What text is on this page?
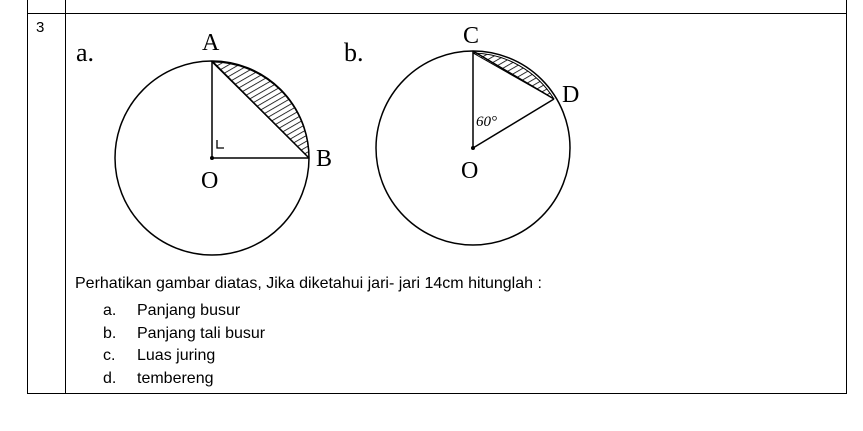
3
a.	A
B
O
b.
C
D
O
60°
Perhatikan gambar diatas, Jika diketahui jari- jari 14cm hitunglah :
a. Panjang busur
b. Panjang tali busur
c. Luas juring
d. tembereng
